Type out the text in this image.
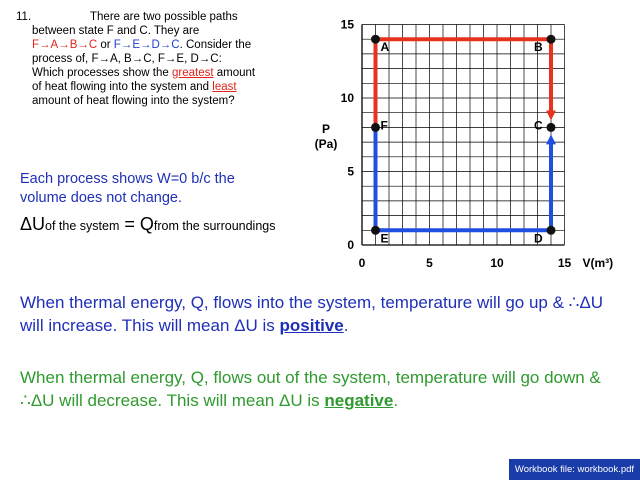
11.	There are two possible paths
between state F and C. They are
F→A→B→C or F→E→D→C. Consider the
process of, F→A, B→C, F→E, D→C:
Which processes show the greatest amount
of heat flowing into the system and least
amount of heat flowing into the system?
Each process shows W=0 b/c the
volume does not change.
ΔUof the system = Qfrom the surroundings
A	B
C
F
E	D
0	5	10	15
0
5
10
15
V(m³)
P
(Pa)
When thermal energy, Q, flows into the system, temperature will go up & ∴ΔU will increase. This will mean ΔU is positive.
When thermal energy, Q, flows out of the system, temperature will go down & ∴ΔU will decrease. This will mean ΔU is negative.
Workbook file: workbook.pdf
